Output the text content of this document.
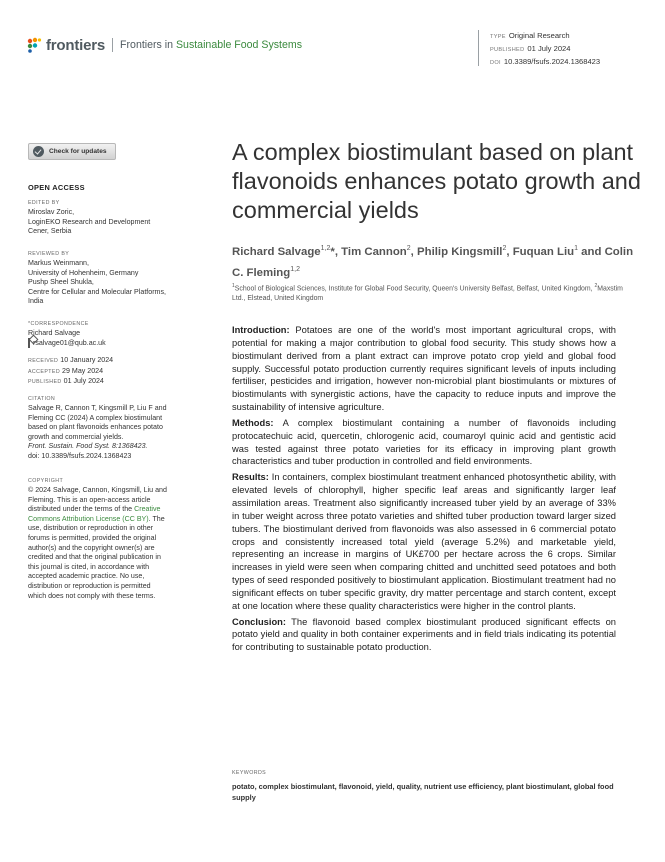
frontiers Frontiers in Sustainable Food Systems
TYPE Original Research
PUBLISHED 01 July 2024
DOI 10.3389/fsufs.2024.1368423
Check for updates
OPEN ACCESS
EDITED BY
Miroslav Zoric,
LoginEKO Research and Development
Cener, Serbia
REVIEWED BY
Markus Weinmann,
University of Hohenheim, Germany
Pushp Sheel Shukla,
Centre for Cellular and Molecular Platforms,
India
*CORRESPONDENCE
Richard Salvage
rsalvage01@qub.ac.uk
RECEIVED 10 January 2024
ACCEPTED 29 May 2024
PUBLISHED 01 July 2024
CITATION
Salvage R, Cannon T, Kingsmill P, Liu F and
Fleming CC (2024) A complex biostimulant
based on plant flavonoids enhances potato
growth and commercial yields.
Front. Sustain. Food Syst. 8:1368423.
doi: 10.3389/fsufs.2024.1368423
COPYRIGHT
© 2024 Salvage, Cannon, Kingsmill, Liu and
Fleming. This is an open-access article
distributed under the terms of the Creative
Commons Attribution License (CC BY). The
use, distribution or reproduction in other
forums is permitted, provided the original
author(s) and the copyright owner(s) are
credited and that the original publication in
this journal is cited, in accordance with
accepted academic practice. No use,
distribution or reproduction is permitted
which does not comply with these terms.
A complex biostimulant based on plant flavonoids enhances potato growth and commercial yields
Richard Salvage$^{1,2}$*, Tim Cannon$^2$, Philip Kingsmill$^2$, Fuquan Liu$^1$ and Colin C. Fleming$^{1,2}$
$^1$School of Biological Sciences, Institute for Global Food Security, Queen's University Belfast, Belfast, United Kingdom, $^2$Maxstim Ltd., Elstead, United Kingdom

Introduction: Potatoes are one of the world's most important agricultural crops, with potential for making a major contribution to global food security. This study shows how a biostimulant derived from a plant extract can improve potato crop yield and global food supply. Successful potato production currently requires significant levels of inputs including fertiliser, pesticides and irrigation, however non-microbial plant biostimulants or mixtures of biostimulants with synergistic actions, have the capacity to reduce inputs and improve the sustainability of intensive agriculture.

Methods: A complex biostimulant containing a number of flavonoids including protocatechuic acid, quercetin, chlorogenic acid, coumaroyl quinic acid and gentistic acid was tested against three potato varieties for its efficacy in improving plant growth characteristics and tuber production in controlled and field environments.

Results: In containers, complex biostimulant treatment enhanced photosynthetic ability, with elevated levels of chlorophyll, higher specific leaf areas and significantly larger leaf assimilation areas. Treatment also significantly increased tuber yield by an average of 33% in tuber weight across three potato varieties and shifted tuber production toward larger sized tubers. The biostimulant derived from flavonoids was also assessed in 6 commercial potato crops and consistently increased total yield (average 5.2%) and marketable yield, representing an increase in margins of UK£700 per hectare across the 6 crops. Similar increases in yield were seen when comparing chitted and unchitted seed potatoes and both types of seed responded positively to biostimulant application. Biostimulant treatment had no significant effects on tuber specific gravity, dry matter percentage and starch content, except at one location where these quality characteristics were higher in the control plants.

Conclusion: The flavonoid based complex biostimulant produced significant effects on potato yield and quality in both container experiments and in field trials indicating its potential for contributing to sustainable potato production.

KEYWORDS
potato, complex biostimulant, flavonoid, yield, quality, nutrient use efficiency, plant biostimulant, global food supply
